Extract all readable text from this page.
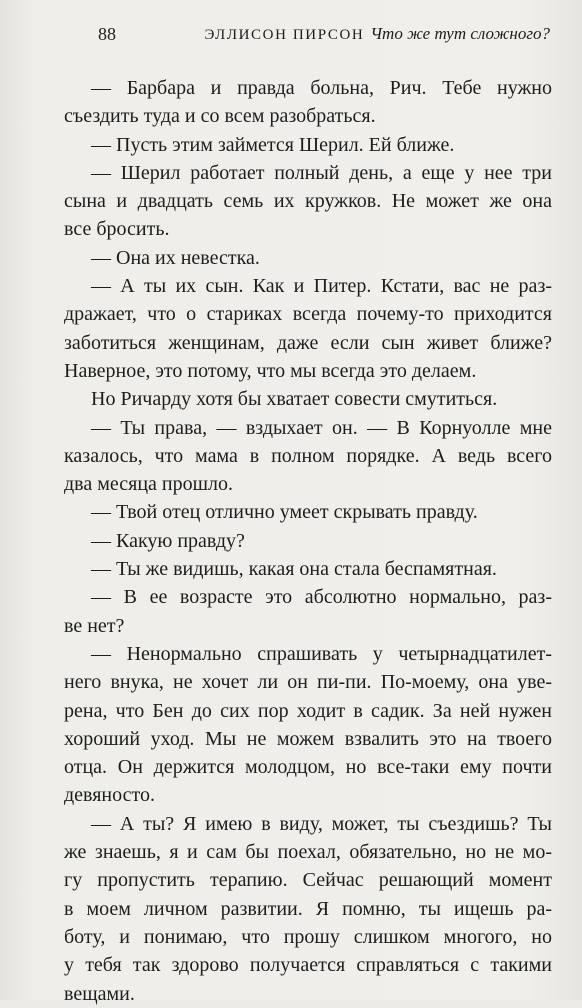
88	ЭЛЛИСОН ПИРСОН Что же тут сложного?
— Барбара и правда больна, Рич. Тебе нужно
съездить туда и со всем разобраться.
— Пусть этим займется Шерил. Ей ближе.
— Шерил работает полный день, а еще у нее три
сына и двадцать семь их кружков. Не может же она
все бросить.
— Она их невестка.
— А ты их сын. Как и Питер. Кстати, вас не раз-
дражает, что о стариках всегда почему-то приходится
заботиться женщинам, даже если сын живет ближе?
Наверное, это потому, что мы всегда это делаем.
Но Ричарду хотя бы хватает совести смутиться.
— Ты права, — вздыхает он. — В Корнуолле мне
казалось, что мама в полном порядке. А ведь всего
два месяца прошло.
— Твой отец отлично умеет скрывать правду.
— Какую правду?
— Ты же видишь, какая она стала беспамятная.
— В ее возрасте это абсолютно нормально, раз-
ве нет?
— Ненормально спрашивать у четырнадцатилет-
него внука, не хочет ли он пи-пи. По-моему, она уве-
рена, что Бен до сих пор ходит в садик. За ней нужен
хороший уход. Мы не можем взвалить это на твоего
отца. Он держится молодцом, но все-таки ему почти
девяносто.
— А ты? Я имею в виду, может, ты съездишь? Ты
же знаешь, я и сам бы поехал, обязательно, но не мо-
гу пропустить терапию. Сейчас решающий момент
в моем личном развитии. Я помню, ты ищешь ра-
боту, и понимаю, что прошу слишком многого, но
у тебя так здорово получается справляться с такими
вещами.
